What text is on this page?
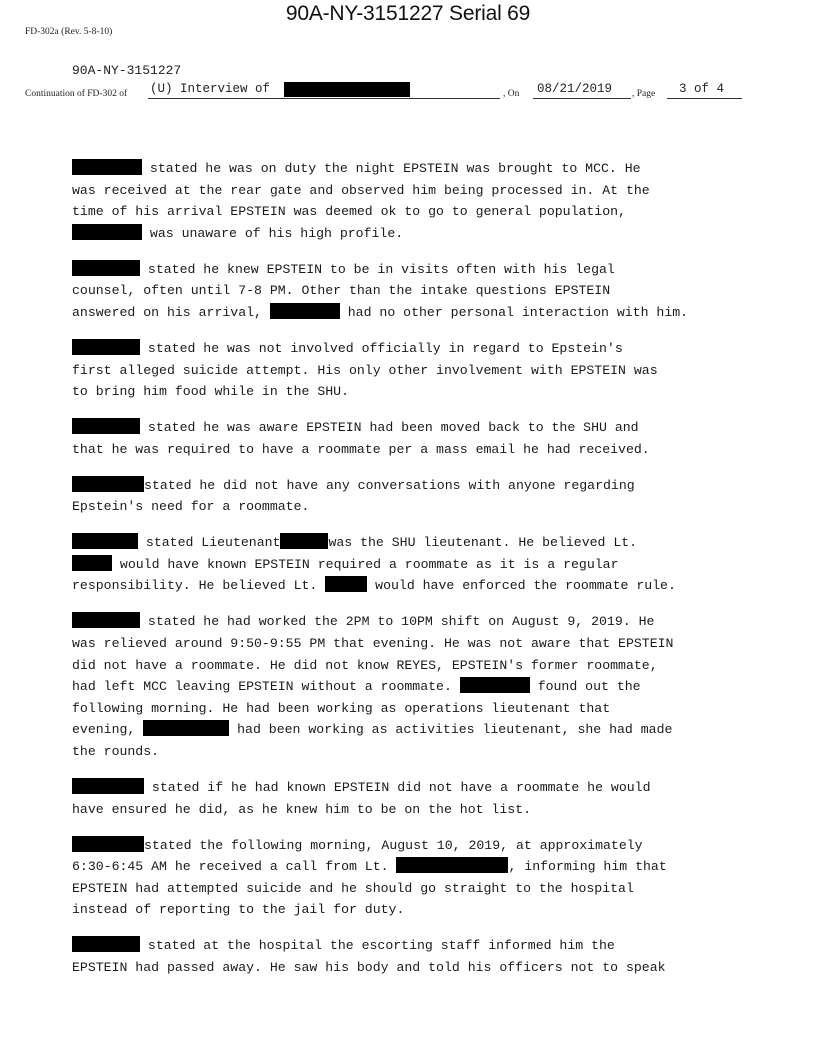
90A-NY-3151227 Serial 69
FD-302a (Rev. 5-8-10)
90A-NY-3151227
Continuation of FD-302 of (U) Interview of	, On 08/21/2019 , Page 3 of 4
stated he was on duty the night EPSTEIN was brought to MCC. He
was received at the rear gate and observed him being processed in. At the
time of his arrival EPSTEIN was deemed ok to go to general population,
was unaware of his high profile.
stated he knew EPSTEIN to be in visits often with his legal
counsel, often until 7-8 PM. Other than the intake questions EPSTEIN
answered on his arrival,	had no other personal interaction with him.
stated he was not involved officially in regard to Epstein's
first alleged suicide attempt. His only other involvement with EPSTEIN was
to bring him food while in the SHU.
stated he was aware EPSTEIN had been moved back to the SHU and
that he was required to have a roommate per a mass email he had received.
stated he did not have any conversations with anyone regarding
Epstein's need for a roommate.
stated Lieutenant	was the SHU lieutenant. He believed Lt.
would have known EPSTEIN required a roommate as it is a regular
responsibility. He believed Lt.	would have enforced the roommate rule.
stated he had worked the 2PM to 10PM shift on August 9, 2019. He
was relieved around 9:50-9:55 PM that evening. He was not aware that EPSTEIN
did not have a roommate. He did not know REYES, EPSTEIN's former roommate,
had left MCC leaving EPSTEIN without a roommate.	found out the
following morning. He had been working as operations lieutenant that
evening,	had been working as activities lieutenant, she had made
the rounds.
stated if he had known EPSTEIN did not have a roommate he would
have ensured he did, as he knew him to be on the hot list.
stated the following morning, August 10, 2019, at approximately
6:30-6:45 AM he received a call from Lt.	, informing him that
EPSTEIN had attempted suicide and he should go straight to the hospital
instead of reporting to the jail for duty.
stated at the hospital the escorting staff informed him the
EPSTEIN had passed away. He saw his body and told his officers not to speak
